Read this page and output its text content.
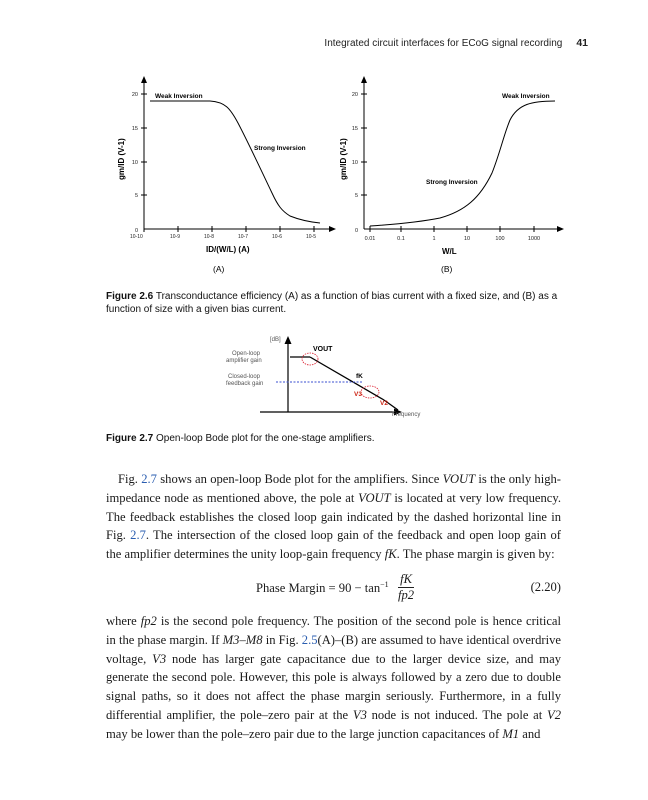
Integrated circuit interfaces for ECoG signal recording 41
20
15
10
5
0
10-10	10-9	10-8	10-7	10-6	10-5
Weak Inversion
Strong Inversion
gm/ID (V-1)
ID/(W/L) (A)
(A)
20
15
10
5
0
0.01	0.1	1	10	100	1000
Weak Inversion
Strong Inversion
gm/ID (V-1)
W/L
(B)
Figure 2.6 Transconductance efficiency (A) as a function of bias current with a fixed size, and (B) as a function of size with a given bias current.
[dB]
Open-loop
amplifier gain
Closed-loop
feedback gain
VOUT
fK
V3
V2
Frequency
Figure 2.7 Open-loop Bode plot for the one-stage amplifiers.

Fig. 2.7 shows an open-loop Bode plot for the amplifiers. Since VOUT is the only high-impedance node as mentioned above, the pole at VOUT is located at very low frequency. The feedback establishes the closed loop gain indicated by the dashed horizontal line in Fig. 2.7. The intersection of the closed loop gain of the feedback and open loop gain of the amplifier determines the unity loop-gain frequency fK. The phase margin is given by:

Phase Margin = $90 - \tan^{-1} \frac{fK}{fp2}$	(2.20)

where fp2 is the second pole frequency. The position of the second pole is hence critical in the phase margin. If M3–M8 in Fig. 2.5(A)–(B) are assumed to have identical overdrive voltage, V3 node has larger gate capacitance due to the larger device size, and may generate the second pole. However, this pole is always followed by a zero due to double signal paths, so it does not affect the phase margin seriously. Furthermore, in a fully differential amplifier, the pole–zero pair at the V3 node is not induced. The pole at V2 may be lower than the pole–zero pair due to the large junction capacitances of M1 and
